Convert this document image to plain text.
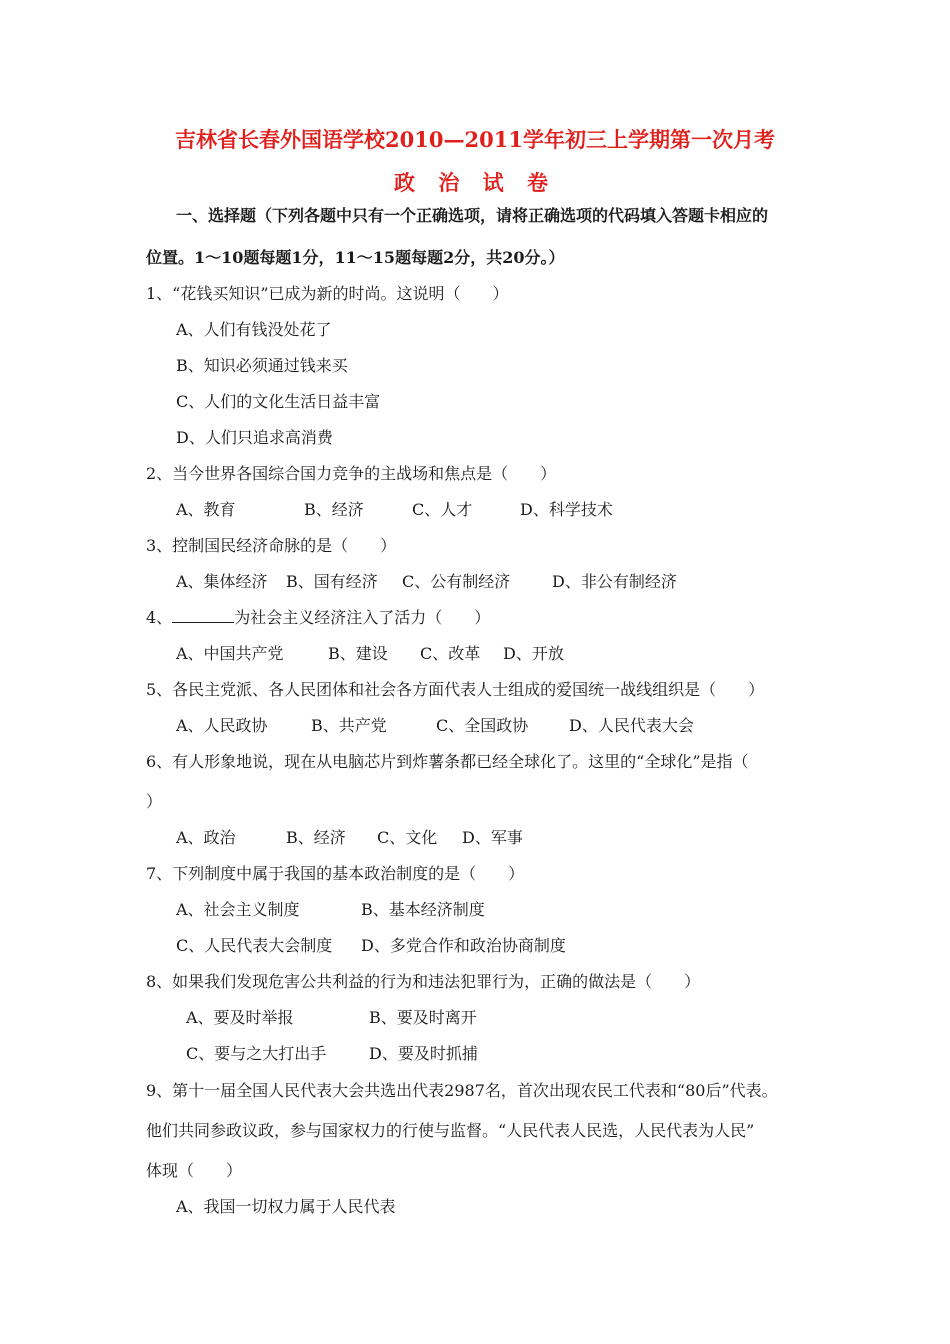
吉林省长春外国语学校2010—2011学年初三上学期第一次月考
政 治 试 卷
一、选择题（下列各题中只有一个正确选项，请将正确选项的代码填入答题卡相应的
位置。1～10题每题1分，11～15题每题2分，共20分。）
1、“花钱买知识”已成为新的时尚。这说明（　　）
A、人们有钱没处花了
B、知识必须通过钱来买
C、人们的文化生活日益丰富
D、人们只追求高消费
2、当今世界各国综合国力竞争的主战场和焦点是（　　）
A、教育	B、经济	C、人才	D、科学技术
3、控制国民经济命脉的是（　　）
A、集体经济 B、国有经济 C、公有制经济	D、非公有制经济
4、	为社会主义经济注入了活力（　　）
A、中国共产党	B、建设 C、改革 D、开放
5、各民主党派、各人民团体和社会各方面代表人士组成的爱国统一战线组织是（　　）
A、人民政协	B、共产党	C、全国政协	D、人民代表大会
6、有人形象地说，现在从电脑芯片到炸薯条都已经全球化了。这里的“全球化”是指（
）
A、政治	B、经济 C、文化 D、军事
7、下列制度中属于我国的基本政治制度的是（　　）
A、社会主义制度	B、基本经济制度
C、人民代表大会制度 D、多党合作和政治协商制度
8、如果我们发现危害公共利益的行为和违法犯罪行为，正确的做法是（　　）
A、要及时举报	B、要及时离开
C、要与之大打出手	D、要及时抓捕
9、第十一届全国人民代表大会共选出代表2987名，首次出现农民工代表和“80后”代表。
他们共同参政议政，参与国家权力的行使与监督。“人民代表人民选，人民代表为人民”
体现（　　）
A、我国一切权力属于人民代表
